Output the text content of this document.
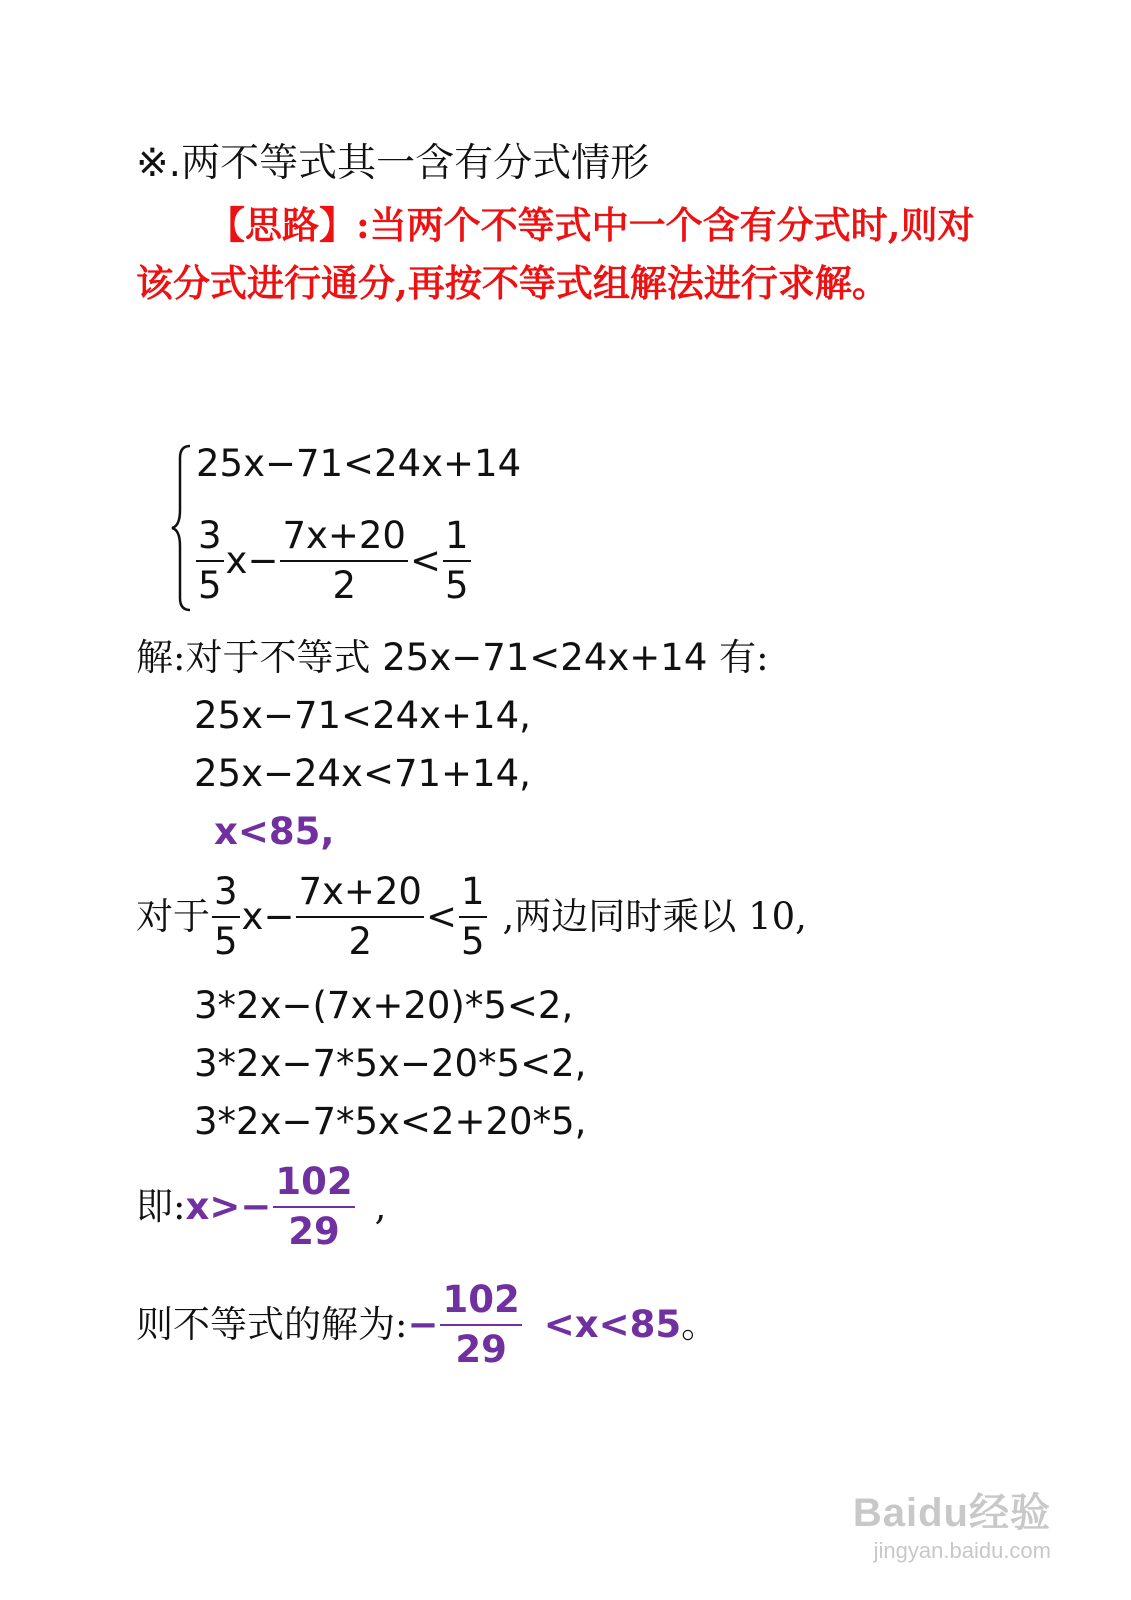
※.两不等式其一含有分式情形
【思路】:当两个不等式中一个含有分式时,则对该分式进行通分,再按不等式组解法进行求解。
25x−71<24x+14
$\frac{3}{5} x- \frac{7x+20}{2} < \frac{1}{5}$
解:对于不等式 25x−71<24x+14 有:
25x−71<24x+14,
25x−24x<71+14,
x<85,
对于 $\frac{3}{5} x- \frac{7x+20}{2} < \frac{1}{5}$ ,两边同时乘以 10,
3*2x−(7x+20)*5<2,
3*2x−7*5x−20*5<2,
3*2x−7*5x<2+20*5,
即: $x>- \frac{102}{29}$ ,
则不等式的解为: − $\frac{102}{29} <x<85$ 。
Baidu经验
jingyan.baidu.com
